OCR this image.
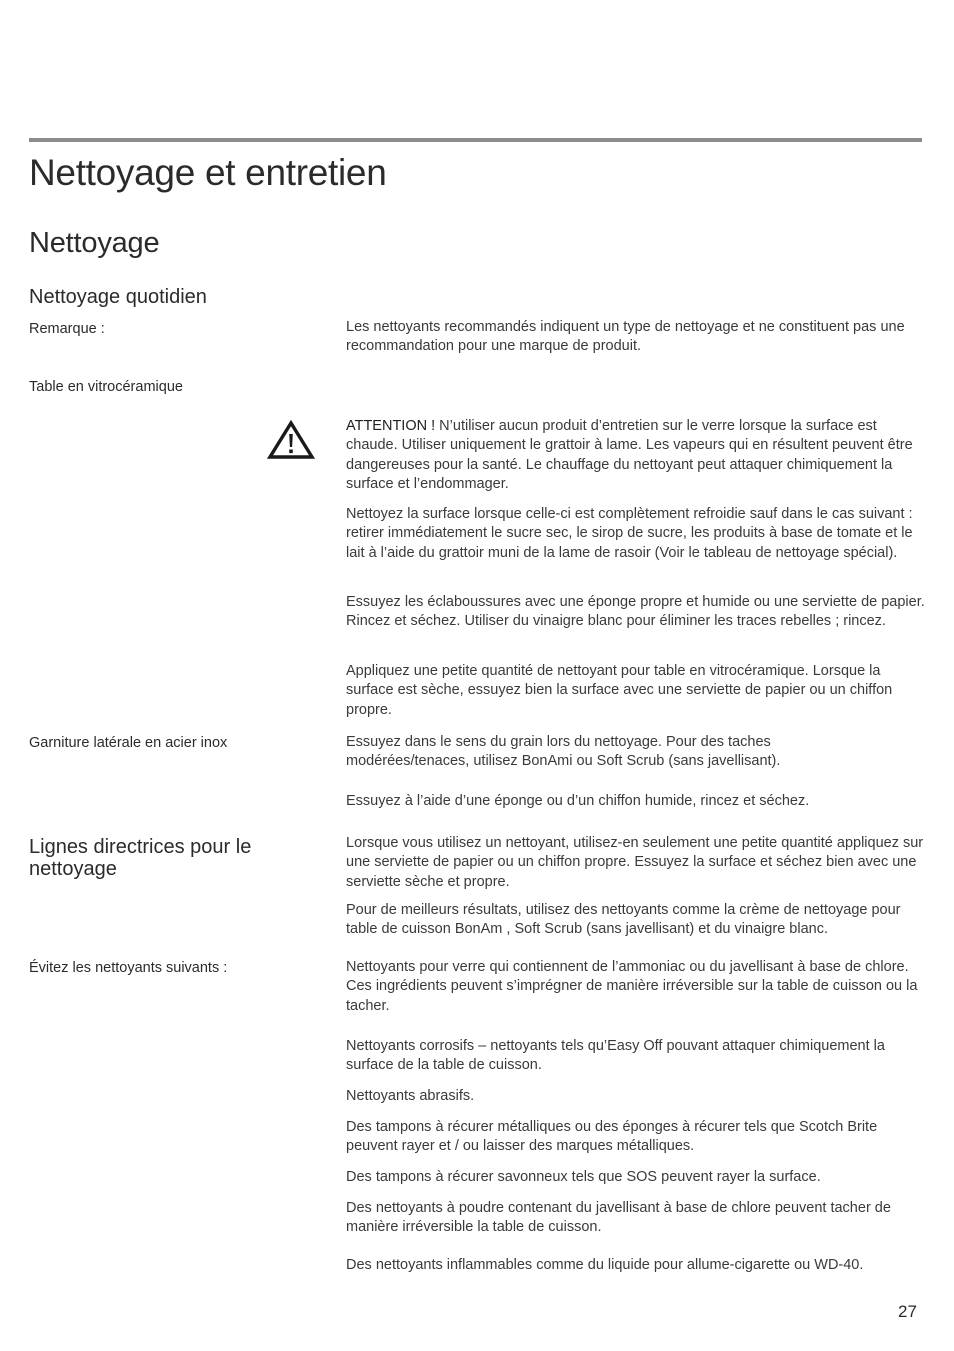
Nettoyage et entretien
Nettoyage
Nettoyage quotidien
Remarque :	Les nettoyants recommandés indiquent un type de nettoyage et ne constituent pas une recommandation pour une marque de produit.

Table en vitrocéramique

ATTENTION ! N’utiliser aucun produit d’entretien sur le verre lorsque la surface est chaude. Utiliser uniquement le grattoir à lame. Les vapeurs qui en résultent peuvent être dangereuses pour la santé. Le chauffage du nettoyant peut attaquer chimiquement la surface et l’endommager.

Nettoyez la surface lorsque celle-ci est complètement refroidie sauf dans le cas suivant : retirer immédiatement le sucre sec, le sirop de sucre, les produits à base de tomate et le lait à l’aide du grattoir muni de la lame de rasoir (Voir le tableau de nettoyage spécial).

Essuyez les éclaboussures avec une éponge propre et humide ou une serviette de papier. Rincez et séchez. Utiliser du vinaigre blanc pour éliminer les traces rebelles ; rincez.

Appliquez une petite quantité de nettoyant pour table en vitrocéramique. Lorsque la surface est sèche, essuyez bien la surface avec une serviette de papier ou un chiffon propre.

Garniture latérale en acier inox	Essuyez dans le sens du grain lors du nettoyage. Pour des taches modérées/tenaces, utilisez BonAmi ou Soft Scrub (sans javellisant).

Essuyez à l’aide d’une éponge ou d’un chiffon humide, rincez et séchez.

Lignes directrices pour le nettoyage

Lorsque vous utilisez un nettoyant, utilisez-en seulement une petite quantité appliquez sur une serviette de papier ou un chiffon propre. Essuyez la surface et séchez bien avec une serviette sèche et propre.

Pour de meilleurs résultats, utilisez des nettoyants comme la crème de nettoyage pour table de cuisson BonAm , Soft Scrub (sans javellisant) et du vinaigre blanc.

Évitez les nettoyants suivants :	Nettoyants pour verre qui contiennent de l’ammoniac ou du javellisant à base de chlore. Ces ingrédients peuvent s’imprégner de manière irréversible sur la table de cuisson ou la tacher.

Nettoyants corrosifs – nettoyants tels qu’Easy Off pouvant attaquer chimiquement la surface de la table de cuisson.

Nettoyants abrasifs.

Des tampons à récurer métalliques ou des éponges à récurer tels que Scotch Brite peuvent rayer et / ou laisser des marques métalliques.

Des tampons à récurer savonneux tels que SOS peuvent rayer la surface.

Des nettoyants à poudre contenant du javellisant à base de chlore peuvent tacher de manière irréversible la table de cuisson.

Des nettoyants inflammables comme du liquide pour allume-cigarette ou WD-40.

27
